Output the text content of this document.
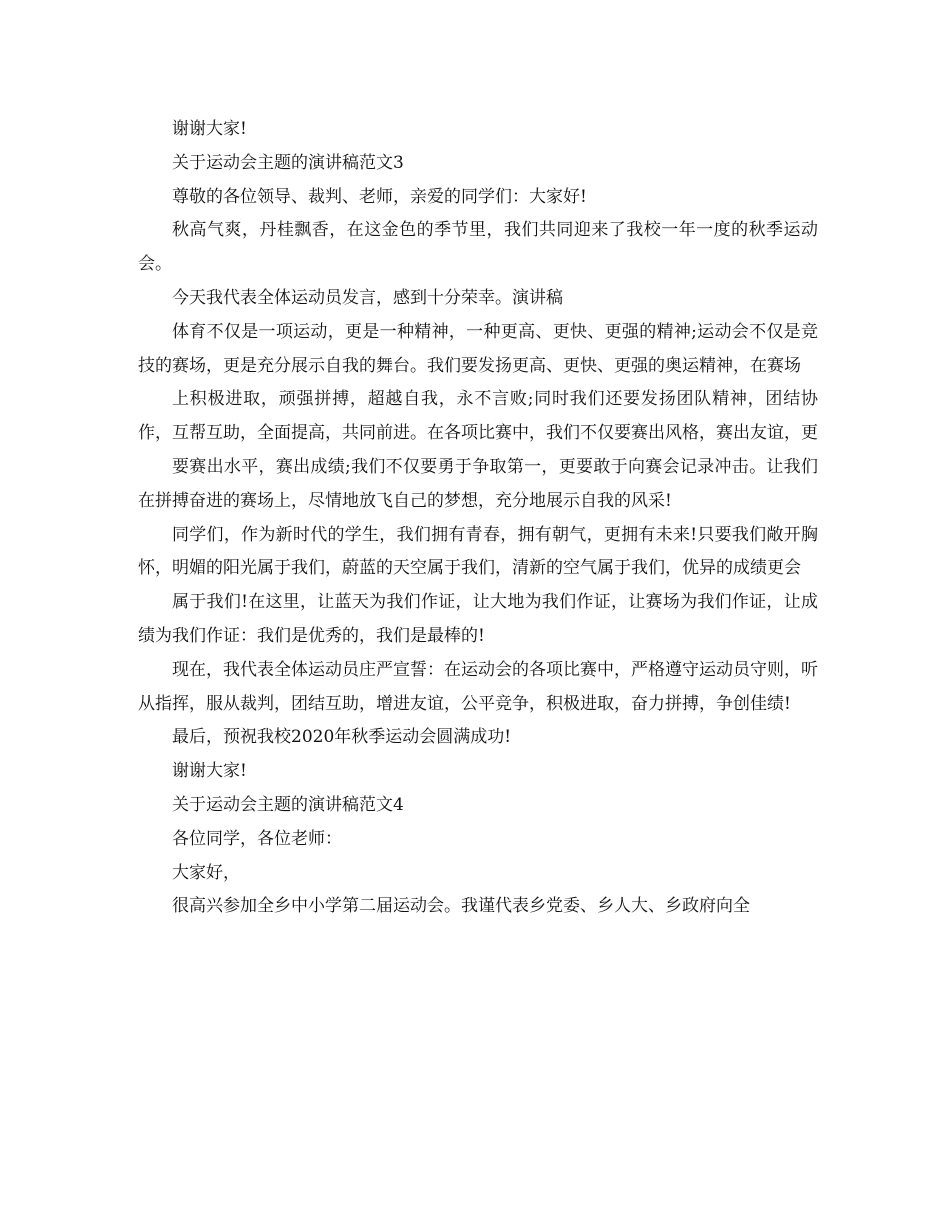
谢谢大家!

关于运动会主题的演讲稿范文3

尊敬的各位领导、裁判、老师，亲爱的同学们：大家好!

秋高气爽，丹桂飘香，在这金色的季节里，我们共同迎来了我校一年一度的秋季运动会。

今天我代表全体运动员发言，感到十分荣幸。演讲稿

体育不仅是一项运动，更是一种精神，一种更高、更快、更强的精神;运动会不仅是竞技的赛场，更是充分展示自我的舞台。我们要发扬更高、更快、更强的奥运精神，在赛场

上积极进取，顽强拼搏，超越自我，永不言败;同时我们还要发扬团队精神，团结协作，互帮互助，全面提高，共同前进。在各项比赛中，我们不仅要赛出风格，赛出友谊，更

要赛出水平，赛出成绩;我们不仅要勇于争取第一，更要敢于向赛会记录冲击。让我们在拼搏奋进的赛场上，尽情地放飞自己的梦想，充分地展示自我的风采!

同学们，作为新时代的学生，我们拥有青春，拥有朝气，更拥有未来!只要我们敞开胸怀，明媚的阳光属于我们，蔚蓝的天空属于我们，清新的空气属于我们，优异的成绩更会

属于我们!在这里，让蓝天为我们作证，让大地为我们作证，让赛场为我们作证，让成绩为我们作证：我们是优秀的，我们是最棒的!

现在，我代表全体运动员庄严宣誓：在运动会的各项比赛中，严格遵守运动员守则，听从指挥，服从裁判，团结互助，增进友谊，公平竞争，积极进取，奋力拼搏，争创佳绩!

最后，预祝我校2020年秋季运动会圆满成功!

谢谢大家!

关于运动会主题的演讲稿范文4

各位同学，各位老师：

大家好，

很高兴参加全乡中小学第二届运动会。我谨代表乡党委、乡人大、乡政府向全
